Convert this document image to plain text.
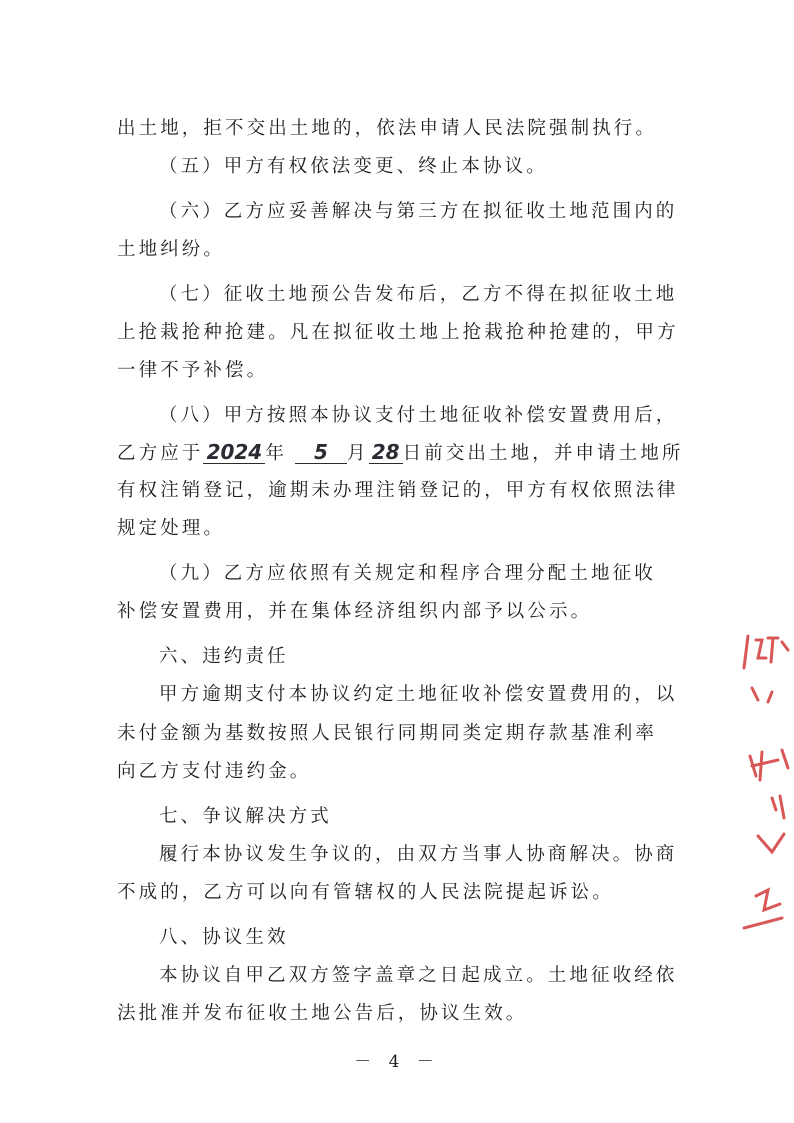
出土地，拒不交出土地的，依法申请人民法院强制执行。
（五）甲方有权依法变更、终止本协议。
（六）乙方应妥善解决与第三方在拟征收土地范围内的
土地纠纷。
（七）征收土地预公告发布后，乙方不得在拟征收土地
上抢栽抢种抢建。凡在拟征收土地上抢栽抢种抢建的，甲方
一律不予补偿。
（八）甲方按照本协议支付土地征收补偿安置费用后，
乙方应于 2024 年 5 月 28 日前交出土地，并申请土地所
有权注销登记，逾期未办理注销登记的，甲方有权依照法律
规定处理。
（九）乙方应依照有关规定和程序合理分配土地征收
补偿安置费用，并在集体经济组织内部予以公示。
六、违约责任
甲方逾期支付本协议约定土地征收补偿安置费用的，以
未付金额为基数按照人民银行同期同类定期存款基准利率
向乙方支付违约金。
七、争议解决方式
履行本协议发生争议的，由双方当事人协商解决。协商
不成的，乙方可以向有管辖权的人民法院提起诉讼。
八、协议生效
本协议自甲乙双方签字盖章之日起成立。土地征收经依
法批准并发布征收土地公告后，协议生效。
－ 4 －
